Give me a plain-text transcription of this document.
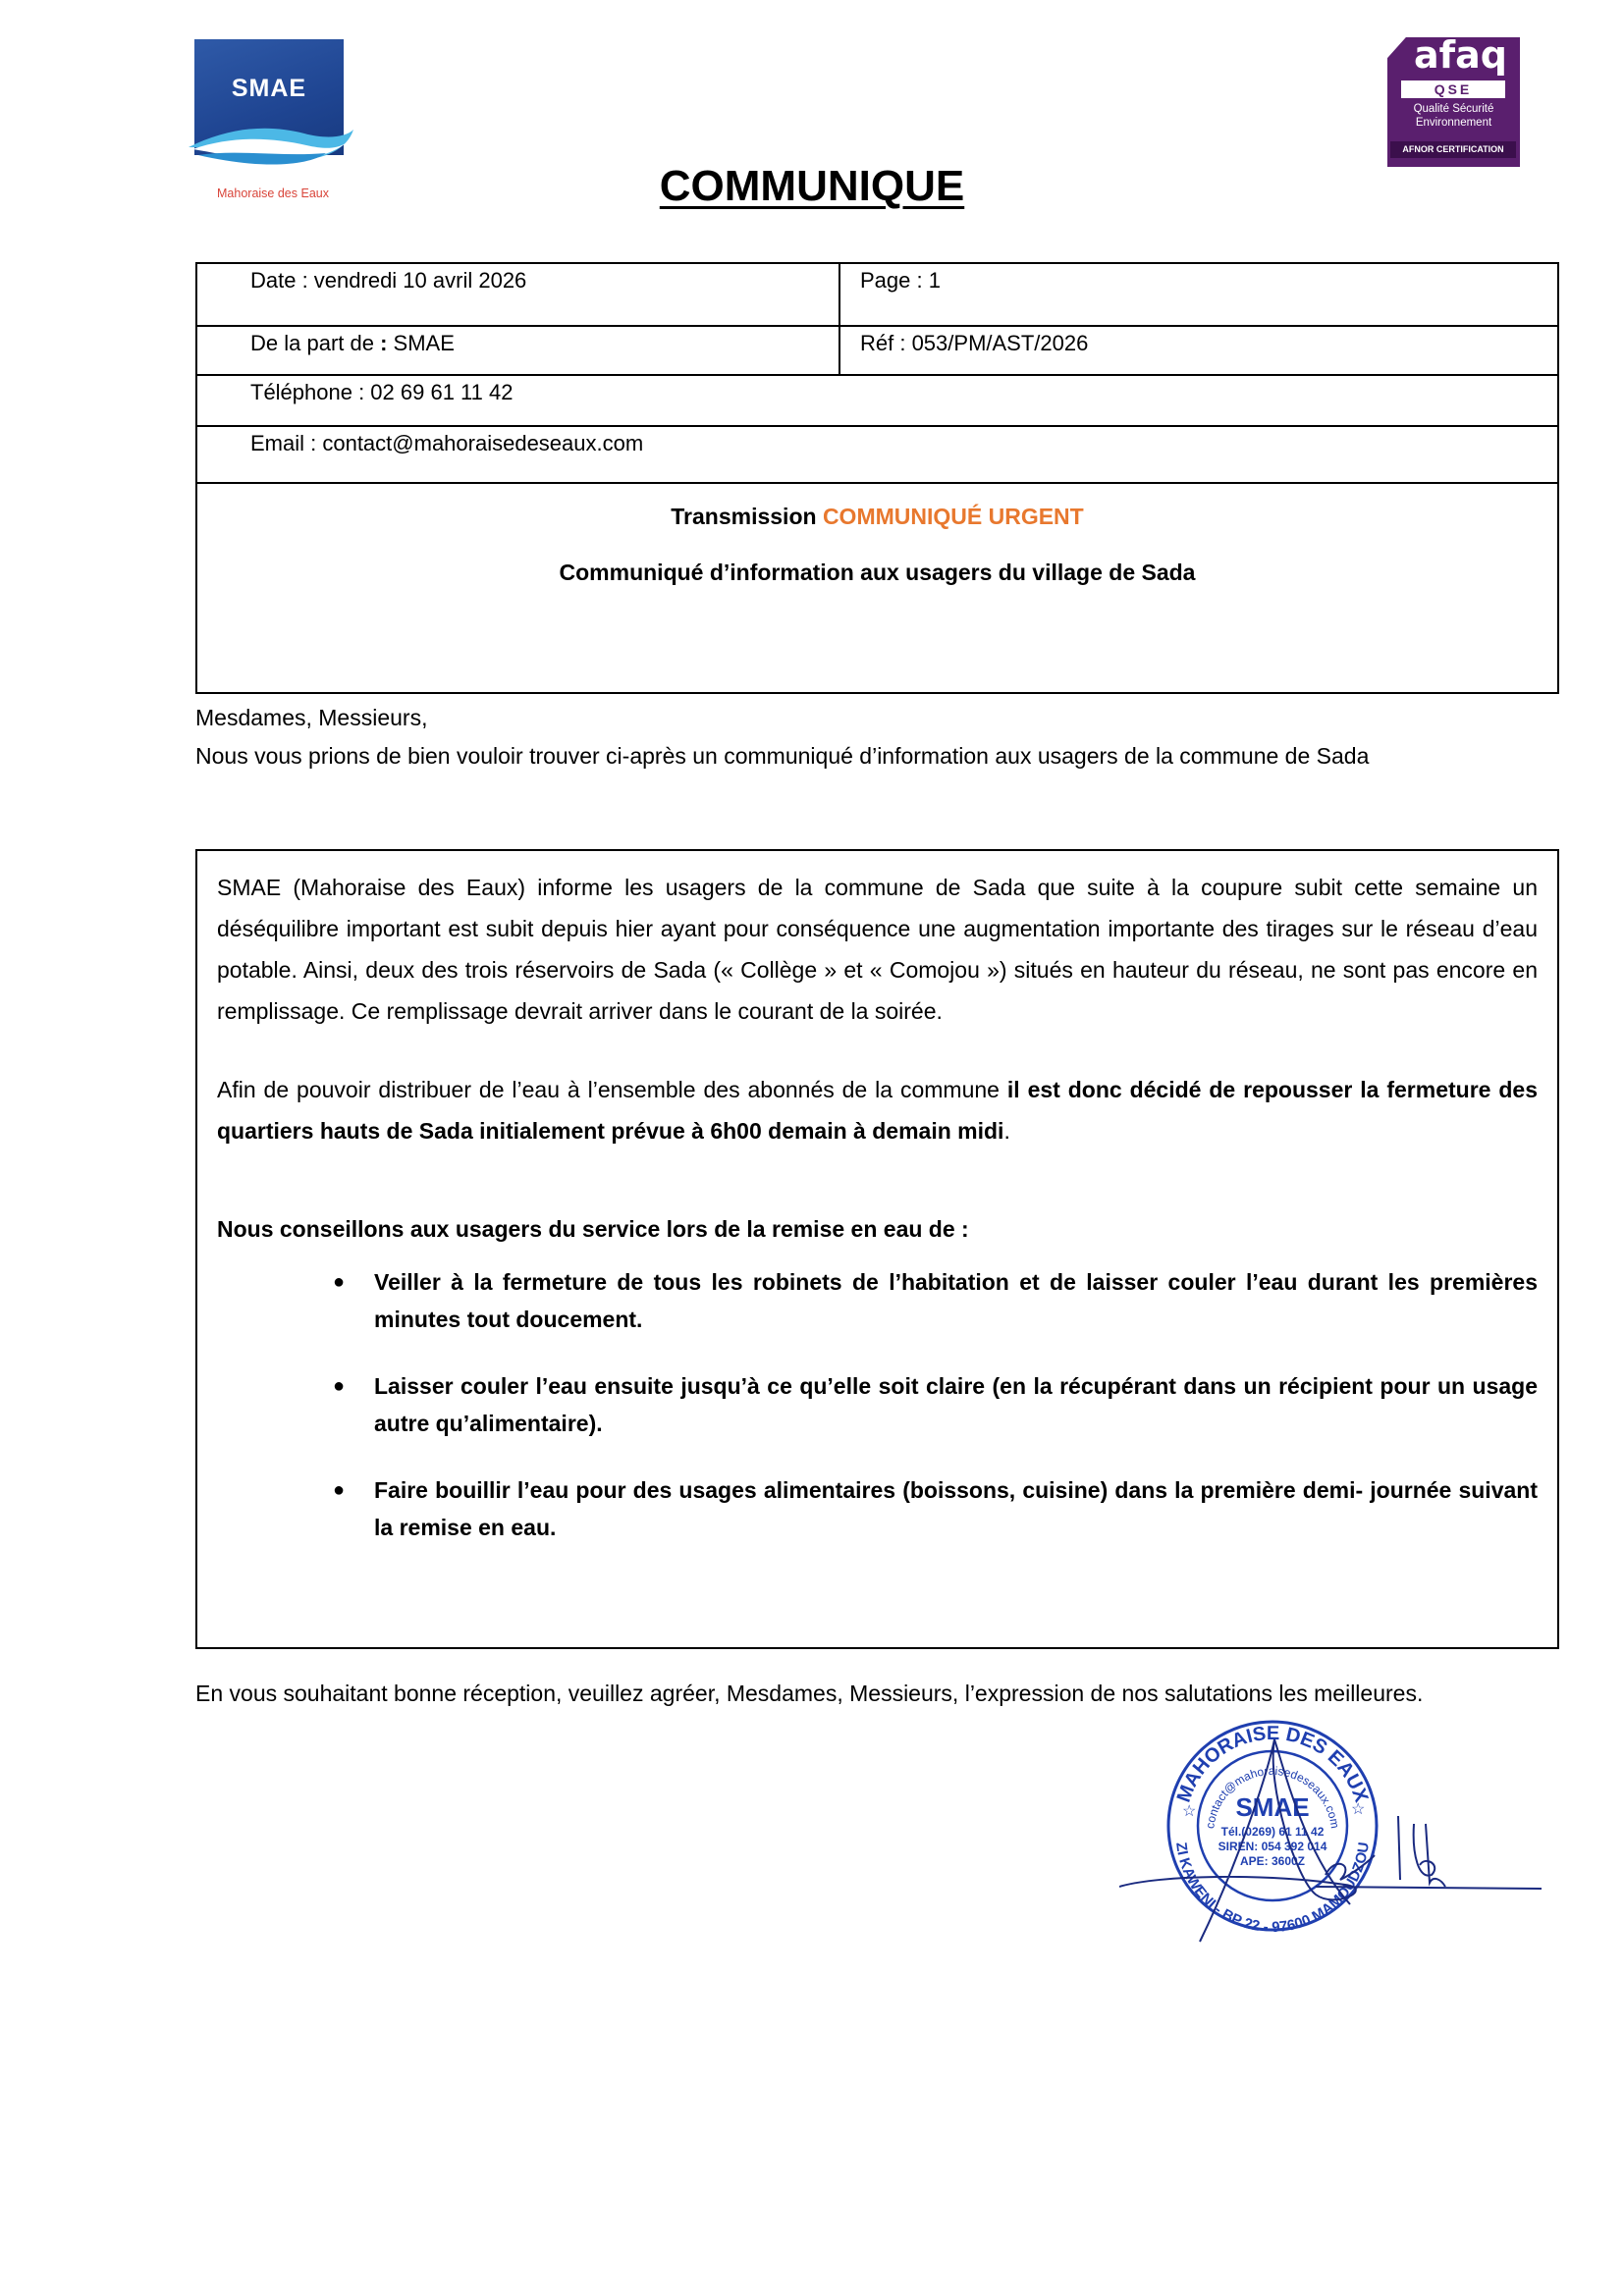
SMAE
Mahoraise des Eaux
afaq
QSE
Qualité Sécurité
Environnement
AFNOR CERTIFICATION
COMMUNIQUE
Date : vendredi 10 avril 2026	Page : 1
De la part de : SMAE	Réf : 053/PM/AST/2026
Téléphone : 02 69 61 11 42
Email : contact@mahoraisedeseaux.com
Transmission COMMUNIQUÉ URGENT
Communiqué d’information aux usagers du village de Sada
Mesdames, Messieurs,
Nous vous prions de bien vouloir trouver ci-après un communiqué d’information aux usagers de la commune de Sada

SMAE (Mahoraise des Eaux) informe les usagers de la commune de Sada que suite à la coupure subit cette semaine un déséquilibre important est subit depuis hier ayant pour conséquence une augmentation importante des tirages sur le réseau d’eau potable. Ainsi, deux des trois réservoirs de Sada (« Collège » et « Comojou ») situés en hauteur du réseau, ne sont pas encore en remplissage. Ce remplissage devrait arriver dans le courant de la soirée.

Afin de pouvoir distribuer de l’eau à l’ensemble des abonnés de la commune il est donc décidé de repousser la fermeture des quartiers hauts de Sada initialement prévue à 6h00 demain à demain midi.

Nous conseillons aux usagers du service lors de la remise en eau de :

● Veiller à la fermeture de tous les robinets de l’habitation et de laisser couler l’eau durant les premières minutes tout doucement.
● Laisser couler l’eau ensuite jusqu’à ce qu’elle soit claire (en la récupérant dans un récipient pour un usage autre qu’alimentaire).
● Faire bouillir l’eau pour des usages alimentaires (boissons, cuisine) dans la première demi- journée suivant la remise en eau.
En vous souhaitant bonne réception, veuillez agréer, Mesdames, Messieurs, l’expression de nos salutations les meilleures.
MAHORAISE DES EAUX
ZI KAWENI - BP 22 - 97600 MAMOUDZOU
contact@mahoraisedeseaux.com
SMAE
Tél.(0269) 61 11 42
SIREN: 054 392 014
APE: 3600Z
☆	☆
